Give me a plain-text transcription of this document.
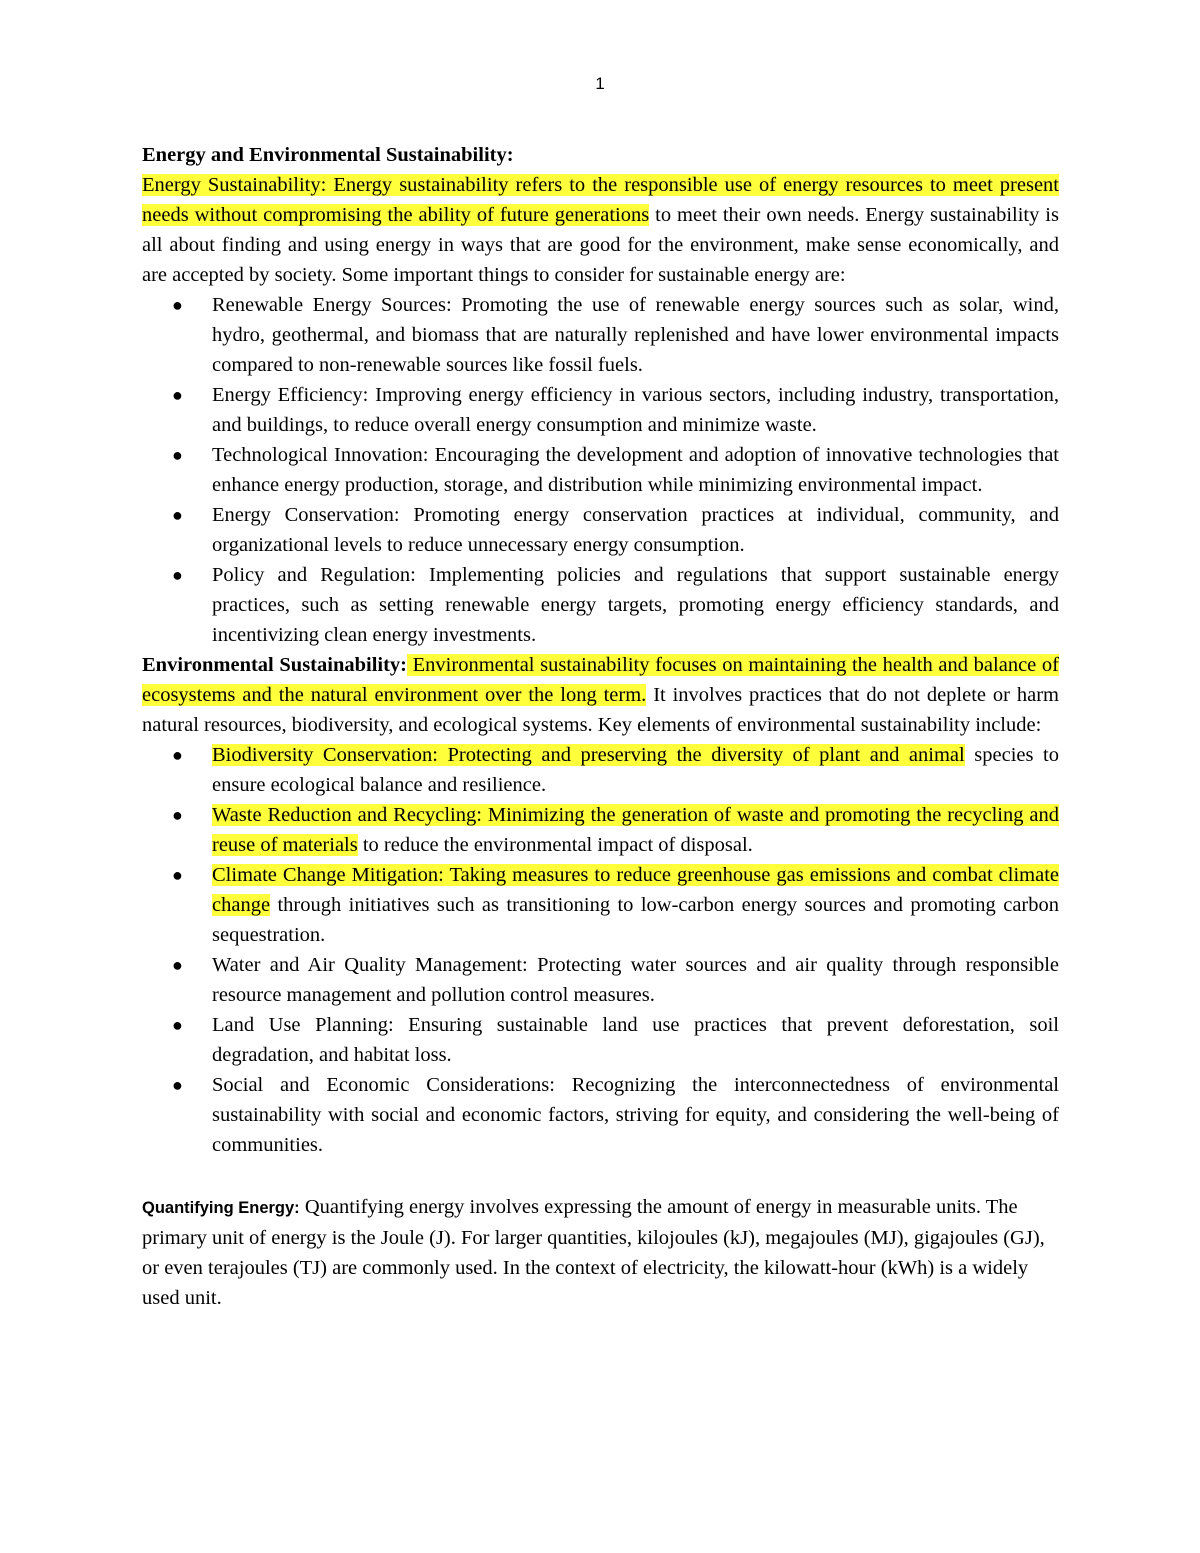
1

Energy and Environmental Sustainability:

Energy Sustainability: Energy sustainability refers to the responsible use of energy resources to meet present needs without compromising the ability of future generations to meet their own needs. Energy sustainability is all about finding and using energy in ways that are good for the environment, make sense economically, and are accepted by society. Some important things to consider for sustainable energy are:

● Renewable Energy Sources: Promoting the use of renewable energy sources such as solar, wind, hydro, geothermal, and biomass that are naturally replenished and have lower environmental impacts compared to non-renewable sources like fossil fuels.
● Energy Efficiency: Improving energy efficiency in various sectors, including industry, transportation, and buildings, to reduce overall energy consumption and minimize waste.
● Technological Innovation: Encouraging the development and adoption of innovative technologies that enhance energy production, storage, and distribution while minimizing environmental impact.
● Energy Conservation: Promoting energy conservation practices at individual, community, and organizational levels to reduce unnecessary energy consumption.
● Policy and Regulation: Implementing policies and regulations that support sustainable energy practices, such as setting renewable energy targets, promoting energy efficiency standards, and incentivizing clean energy investments.

Environmental Sustainability: Environmental sustainability focuses on maintaining the health and balance of ecosystems and the natural environment over the long term. It involves practices that do not deplete or harm natural resources, biodiversity, and ecological systems. Key elements of environmental sustainability include:

● Biodiversity Conservation: Protecting and preserving the diversity of plant and animal species to ensure ecological balance and resilience.
● Waste Reduction and Recycling: Minimizing the generation of waste and promoting the recycling and reuse of materials to reduce the environmental impact of disposal.
● Climate Change Mitigation: Taking measures to reduce greenhouse gas emissions and combat climate change through initiatives such as transitioning to low-carbon energy sources and promoting carbon sequestration.
● Water and Air Quality Management: Protecting water sources and air quality through responsible resource management and pollution control measures.
● Land Use Planning: Ensuring sustainable land use practices that prevent deforestation, soil degradation, and habitat loss.
● Social and Economic Considerations: Recognizing the interconnectedness of environmental sustainability with social and economic factors, striving for equity, and considering the well-being of communities.

Quantifying Energy: Quantifying energy involves expressing the amount of energy in measurable units. The primary unit of energy is the Joule (J). For larger quantities, kilojoules (kJ), megajoules (MJ), gigajoules (GJ), or even terajoules (TJ) are commonly used. In the context of electricity, the kilowatt-hour (kWh) is a widely used unit.
